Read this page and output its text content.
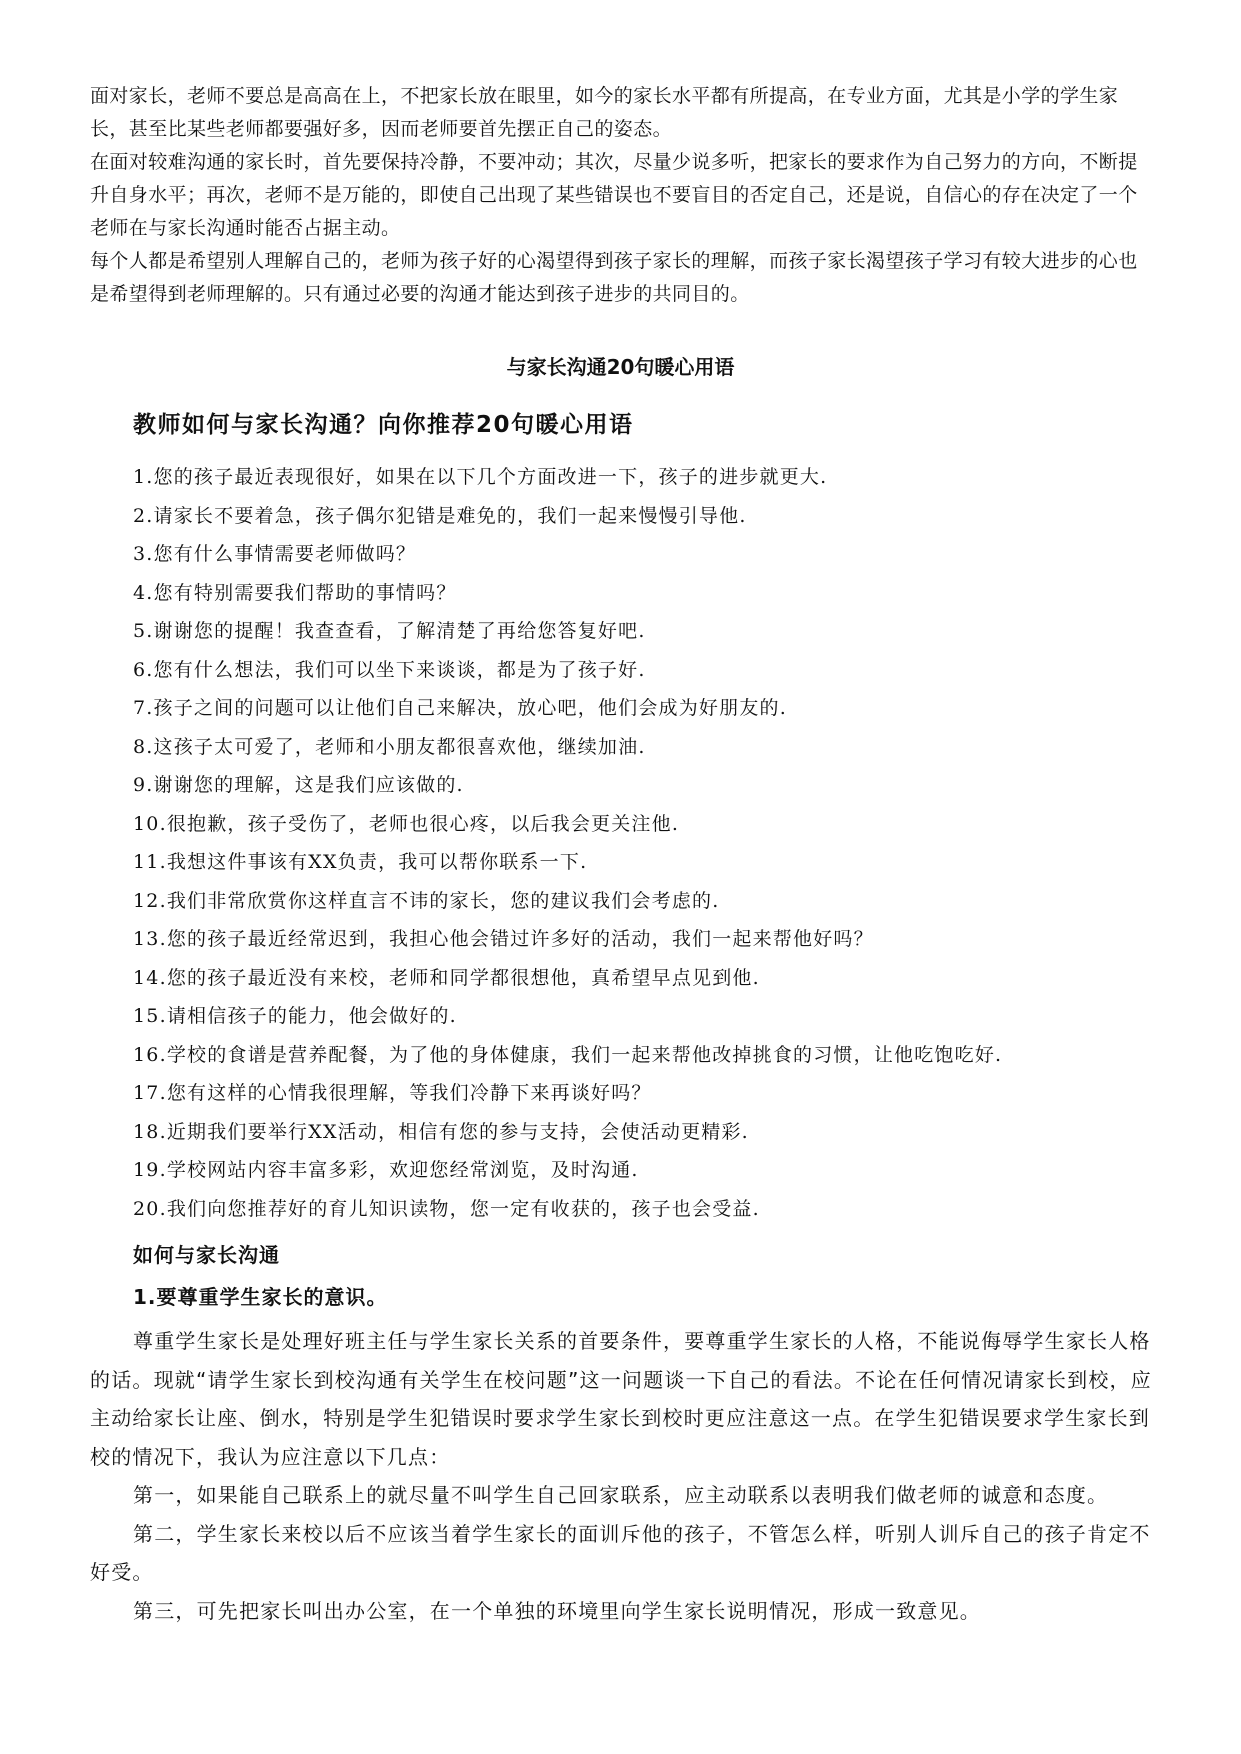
面对家长，老师不要总是高高在上，不把家长放在眼里，如今的家长水平都有所提高，在专业方面，尤其是小学的学生家长，甚至比某些老师都要强好多，因而老师要首先摆正自己的姿态。

在面对较难沟通的家长时，首先要保持冷静，不要冲动；其次，尽量少说多听，把家长的要求作为自己努力的方向，不断提升自身水平；再次，老师不是万能的，即使自己出现了某些错误也不要盲目的否定自己，还是说，自信心的存在决定了一个老师在与家长沟通时能否占据主动。

每个人都是希望别人理解自己的，老师为孩子好的心渴望得到孩子家长的理解，而孩子家长渴望孩子学习有较大进步的心也是希望得到老师理解的。只有通过必要的沟通才能达到孩子进步的共同目的。

与家长沟通20句暖心用语
教师如何与家长沟通？向你推荐20句暖心用语
1.您的孩子最近表现很好，如果在以下几个方面改进一下，孩子的进步就更大.
2.请家长不要着急，孩子偶尔犯错是难免的，我们一起来慢慢引导他.
3.您有什么事情需要老师做吗？
4.您有特别需要我们帮助的事情吗？
5.谢谢您的提醒！我查查看，了解清楚了再给您答复好吧.
6.您有什么想法，我们可以坐下来谈谈，都是为了孩子好.
7.孩子之间的问题可以让他们自己来解决，放心吧，他们会成为好朋友的.
8.这孩子太可爱了，老师和小朋友都很喜欢他，继续加油.
9.谢谢您的理解，这是我们应该做的.
10.很抱歉，孩子受伤了，老师也很心疼，以后我会更关注他.
11.我想这件事该有XX负责，我可以帮你联系一下.
12.我们非常欣赏你这样直言不讳的家长，您的建议我们会考虑的.
13.您的孩子最近经常迟到，我担心他会错过许多好的活动，我们一起来帮他好吗？
14.您的孩子最近没有来校，老师和同学都很想他，真希望早点见到他.
15.请相信孩子的能力，他会做好的.
16.学校的食谱是营养配餐，为了他的身体健康，我们一起来帮他改掉挑食的习惯，让他吃饱吃好.
17.您有这样的心情我很理解，等我们冷静下来再谈好吗？
18.近期我们要举行XX活动，相信有您的参与支持，会使活动更精彩.
19.学校网站内容丰富多彩，欢迎您经常浏览，及时沟通.
20.我们向您推荐好的育儿知识读物，您一定有收获的，孩子也会受益.
如何与家长沟通
1.要尊重学生家长的意识。

尊重学生家长是处理好班主任与学生家长关系的首要条件，要尊重学生家长的人格，不能说侮辱学生家长人格的话。现就“请学生家长到校沟通有关学生在校问题”这一问题谈一下自己的看法。不论在任何情况请家长到校，应主动给家长让座、倒水，特别是学生犯错误时要求学生家长到校时更应注意这一点。在学生犯错误要求学生家长到校的情况下，我认为应注意以下几点：

第一，如果能自己联系上的就尽量不叫学生自己回家联系，应主动联系以表明我们做老师的诚意和态度。

第二，学生家长来校以后不应该当着学生家长的面训斥他的孩子，不管怎么样，听别人训斥自己的孩子肯定不好受。

第三，可先把家长叫出办公室，在一个单独的环境里向学生家长说明情况，形成一致意见。
